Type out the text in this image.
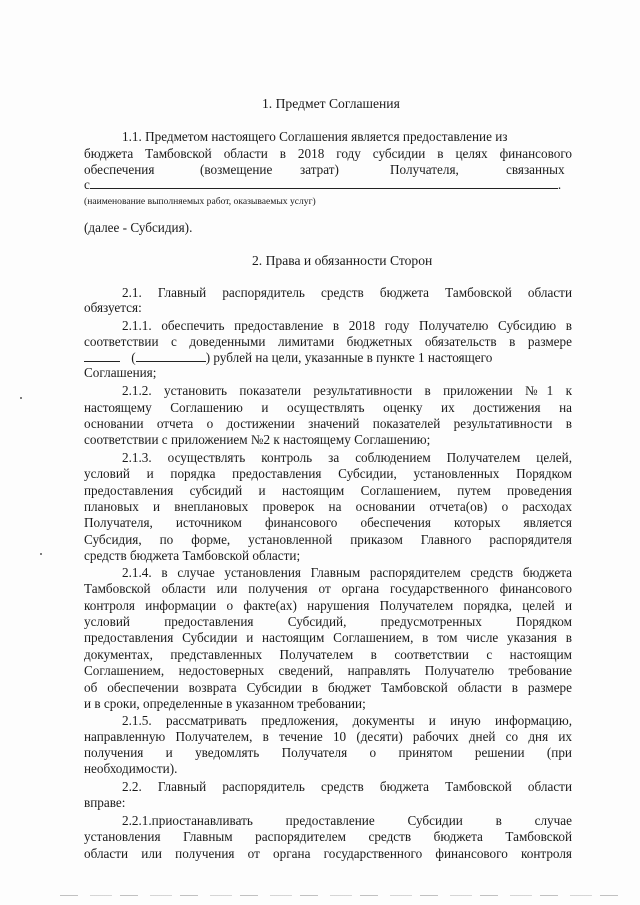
1. Предмет Соглашения
1.1. Предметом настоящего Соглашения является предоставление из
бюджета Тамбовской области в 2018 году субсидии в целях финансового
обеспечения	(возмещение затрат)	Получателя,	связанных
с	.
(наименование выполняемых работ, оказываемых услуг)
(далее - Субсидия).
2. Права и обязанности Сторон
2.1. Главный распорядитель средств бюджета Тамбовской области
обязуется:
2.1.1. обеспечить предоставление в 2018 году Получателю Субсидию в
соответствии с доведенными лимитами бюджетных обязательств в размере
(	) рублей на цели, указанные в пункте 1 настоящего
Соглашения;
2.1.2. установить показатели результативности в приложении №1 к
настоящему Соглашению и осуществлять оценку их достижения на
основании отчета о достижении значений показателей результативности в
соответствии с приложением №2 к настоящему Соглашению;
2.1.3. осуществлять контроль за соблюдением Получателем целей,
условий и порядка предоставления Субсидии, установленных Порядком
предоставления субсидий и настоящим Соглашением, путем проведения
плановых и внеплановых проверок на основании отчета(ов) о расходах
Получателя, источником финансового обеспечения которых является
Субсидия, по форме, установленной приказом Главного распорядителя
средств бюджета Тамбовской области;
2.1.4. в случае установления Главным распорядителем средств бюджета
Тамбовской области или получения от органа государственного финансового
контроля информации о факте(ах) нарушения Получателем порядка, целей и
условий предоставления Субсидий, предусмотренных Порядком
предоставления Субсидии и настоящим Соглашением, в том числе указания в
документах, представленных Получателем в соответствии с настоящим
Соглашением, недостоверных сведений, направлять Получателю требование
об обеспечении возврата Субсидии в бюджет Тамбовской области в размере
и в сроки, определенные в указанном требовании;
2.1.5. рассматривать предложения, документы и иную информацию,
направленную Получателем, в течение 10 (десяти) рабочих дней со дня их
получения и уведомлять Получателя о принятом решении (при
необходимости).
2.2. Главный распорядитель средств бюджета Тамбовской области
вправе:
2.2.1.приостанавливать предоставление Субсидии в случае
установления Главным распорядителем средств бюджета Тамбовской
области или получения от органа государственного финансового контроля
